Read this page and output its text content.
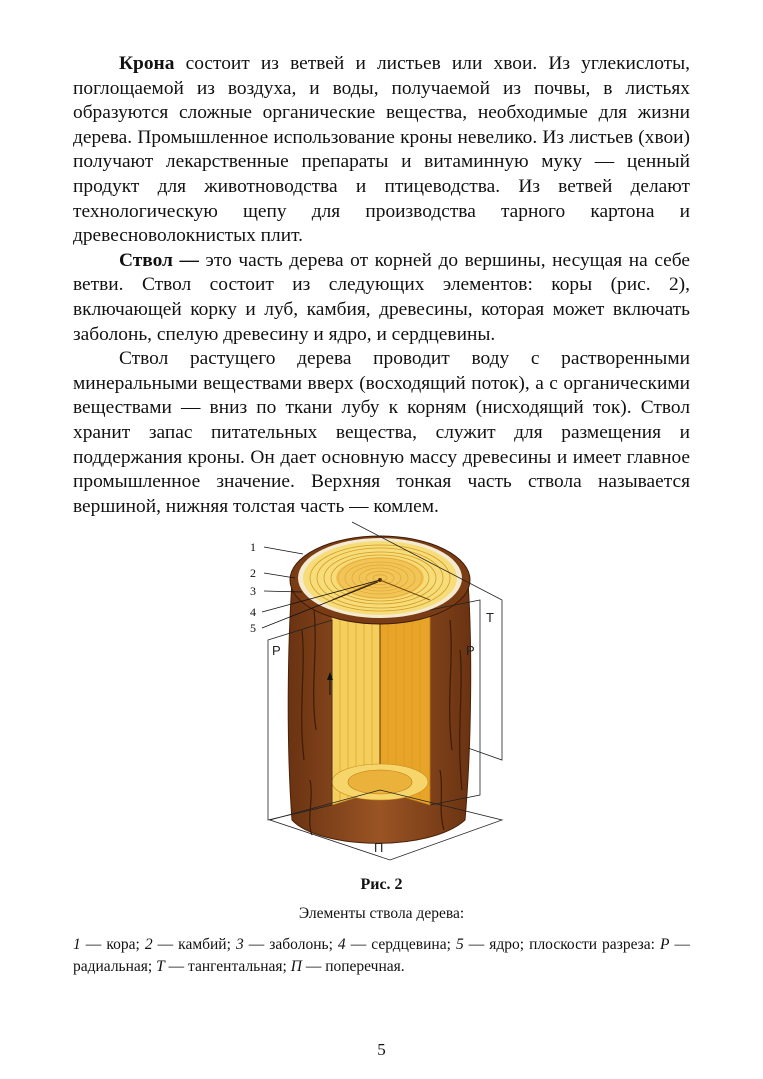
Крона состоит из ветвей и листьев или хвои. Из углекислоты, поглощаемой из воздуха, и воды, получаемой из почвы, в листьях образуются сложные органические вещества, необходимые для жизни дерева. Промышленное использование кроны невелико. Из листьев (хвои) получают лекарственные препараты и витаминную муку — ценный продукт для животноводства и птицеводства. Из ветвей делают технологическую щепу для производства тарного картона и древесноволокнистых плит.

Ствол — это часть дерева от корней до вершины, несущая на себе ветви. Ствол состоит из следующих элементов: коры (рис. 2), включающей корку и луб, камбия, древесины, которая может включать заболонь, спелую древесину и ядро, и сердцевины.

Ствол растущего дерева проводит воду с растворенными минеральными веществами вверх (восходящий поток), а с органическими веществами — вниз по ткани лубу к корням (нисходящий ток). Ствол хранит запас питательных вещества, служит для размещения и поддержания кроны. Он дает основную массу древесины и имеет главное промышленное значение. Верхняя тонкая часть ствола называется вершиной, нижняя толстая часть — комлем.

1
2
3
4
5
Р	Р
Т
П
Рис. 2
Элементы ствола дерева:
1 — кора; 2 — камбий; 3 — заболонь; 4 — сердцевина; 5 — ядро; плоскости разреза: Р — радиальная; Т — тангентальная; П — поперечная.
5
